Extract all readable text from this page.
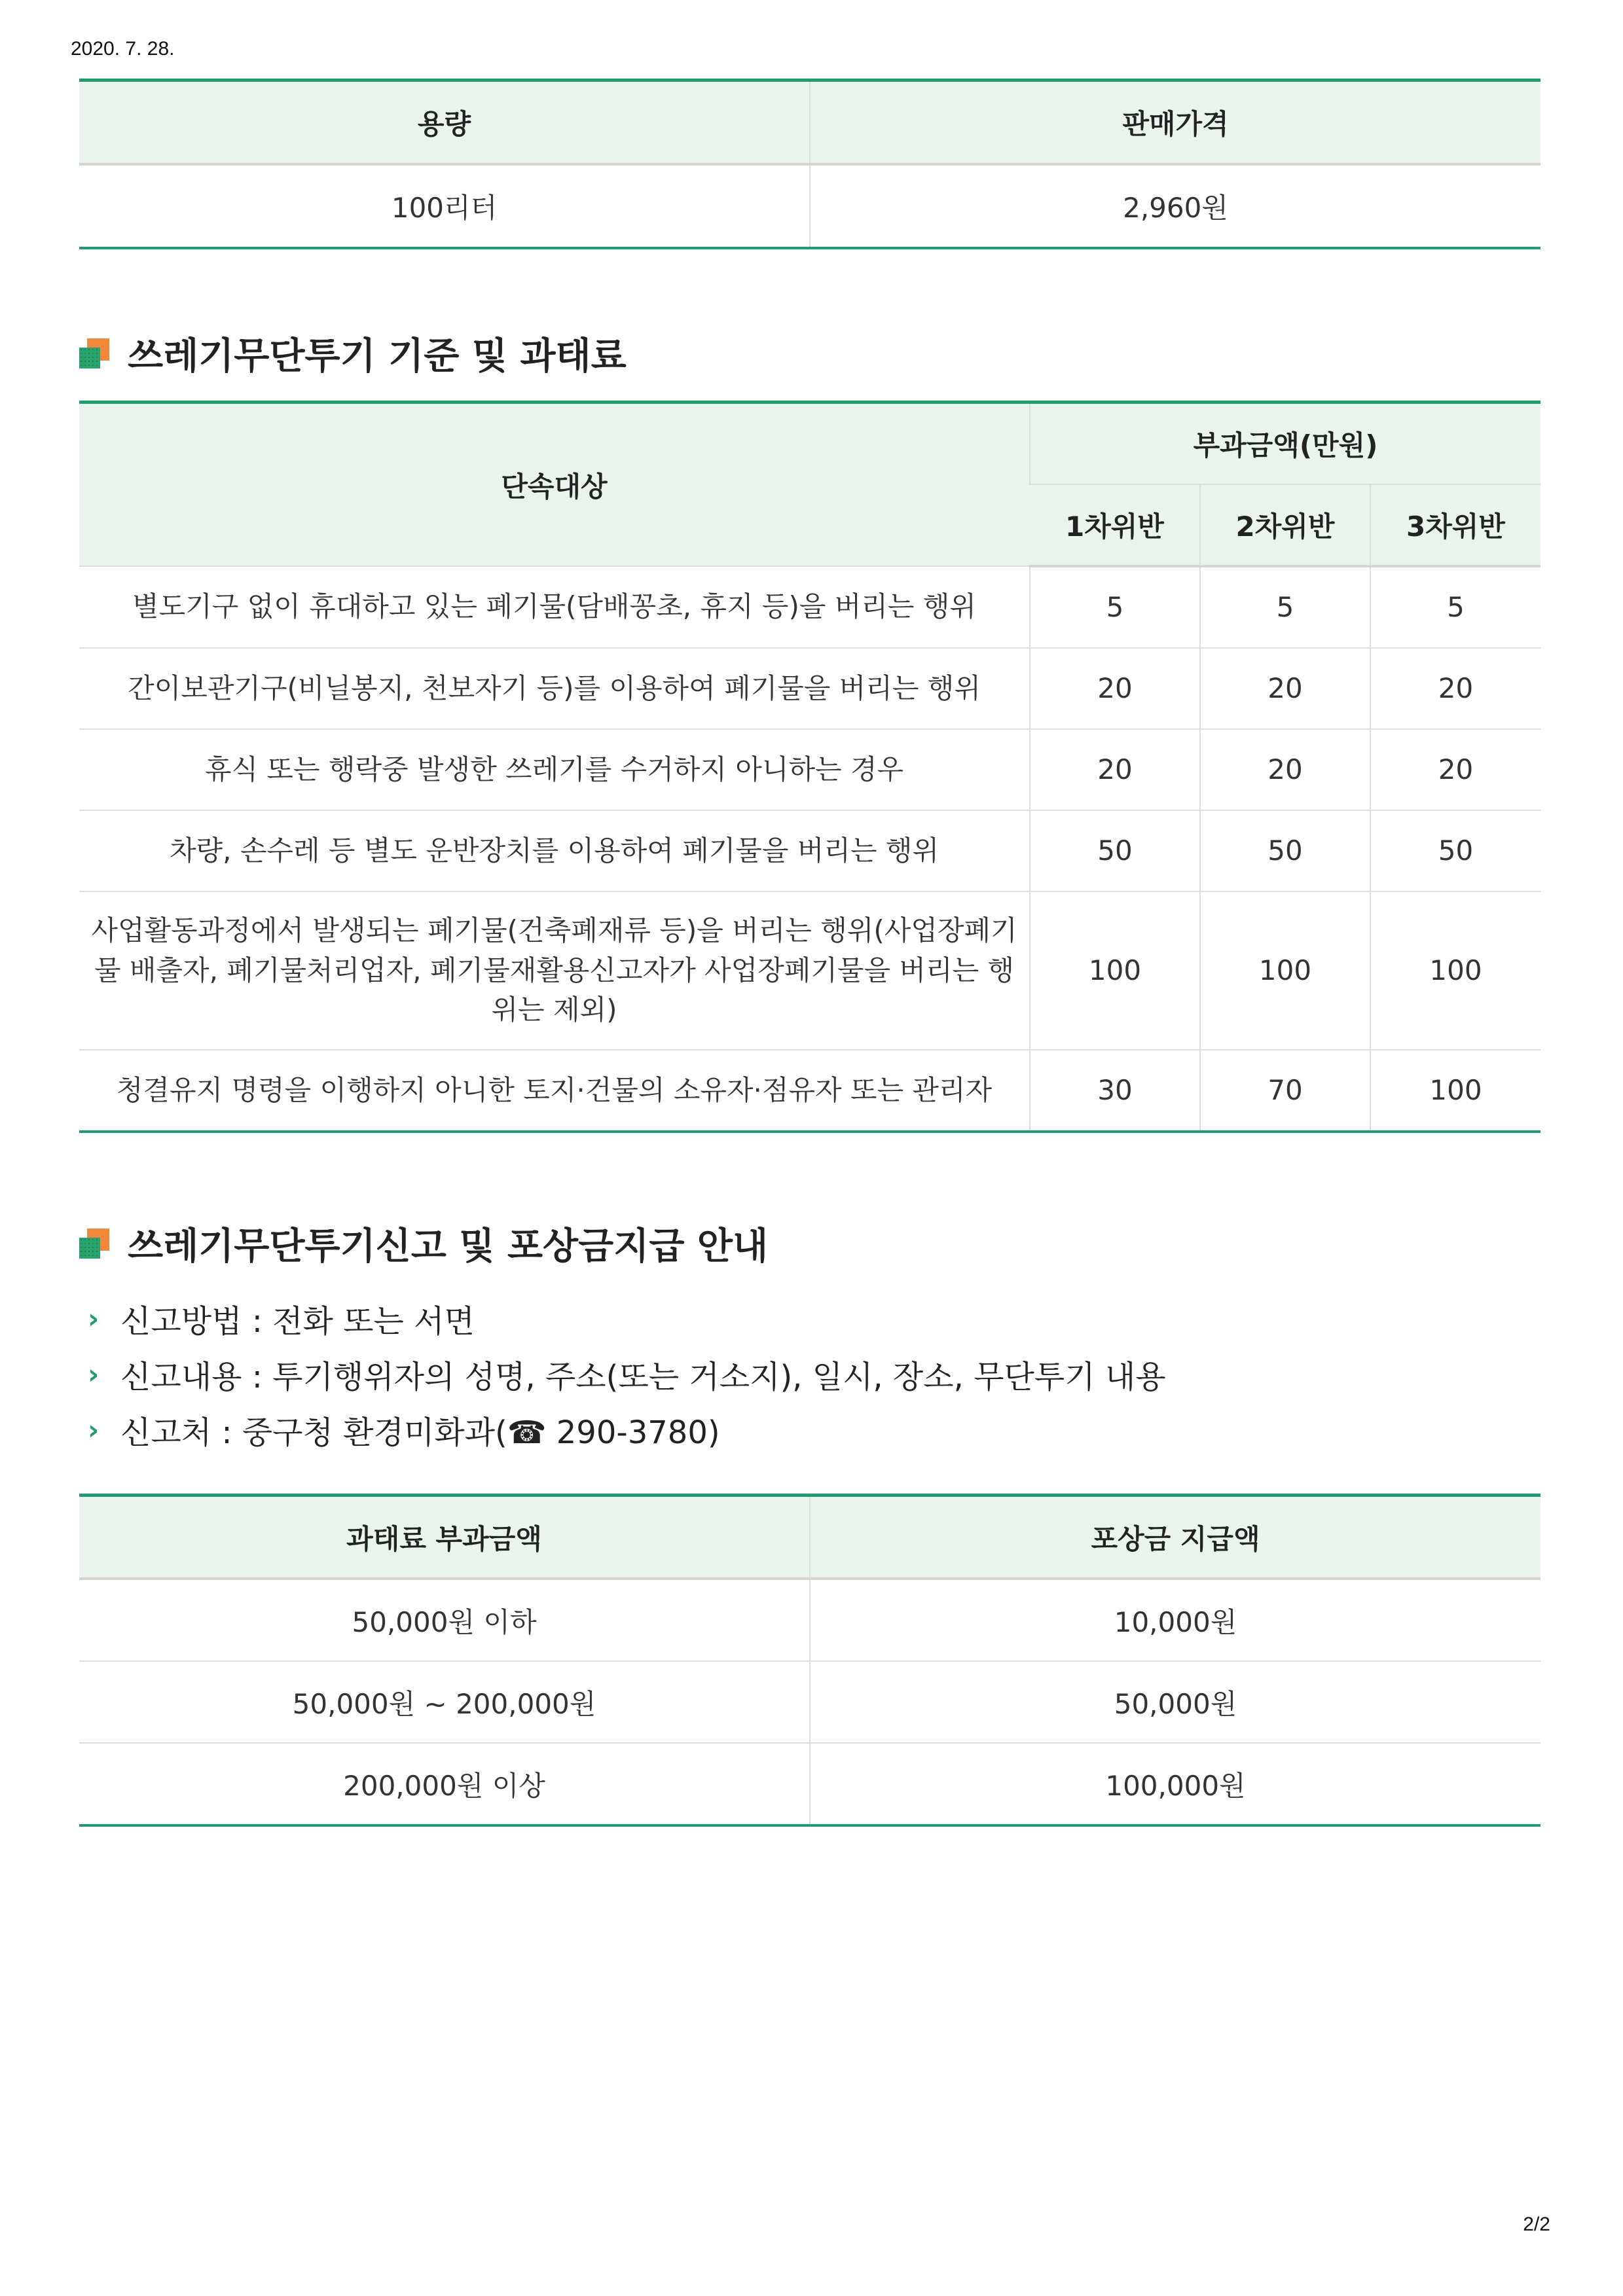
2020. 7. 28.
용량	판매가격
100리터	2,960원
쓰레기무단투기 기준 및 과태료
단속대상	부과금액(만원)		
	1차위반	2차위반	3차위반
별도기구 없이 휴대하고 있는 폐기물(담배꽁초, 휴지 등)을 버리는 행위	5	5	5
간이보관기구(비닐봉지, 천보자기 등)를 이용하여 폐기물을 버리는 행위	20	20	20
휴식 또는 행락중 발생한 쓰레기를 수거하지 아니하는 경우	20	20	20
차량, 손수레 등 별도 운반장치를 이용하여 폐기물을 버리는 행위	50	50	50
사업활동과정에서 발생되는 폐기물(건축폐재류 등)을 버리는 행위(사업장폐기물 배출자, 폐기물처리업자, 폐기물재활용신고자가 사업장폐기물을 버리는 행위는 제외)	100	100	100
청결유지 명령을 이행하지 아니한 토지·건물의 소유자·점유자 또는 관리자	30	70	100
쓰레기무단투기신고 및 포상금지급 안내
› 신고방법 : 전화 또는 서면
› 신고내용 : 투기행위자의 성명, 주소(또는 거소지), 일시, 장소, 무단투기 내용
› 신고처 : 중구청 환경미화과(☎ 290-3780)
과태료 부과금액	포상금 지급액
50,000원 이하	10,000원
50,000원 ~ 200,000원	50,000원
200,000원 이상	100,000원
2/2
